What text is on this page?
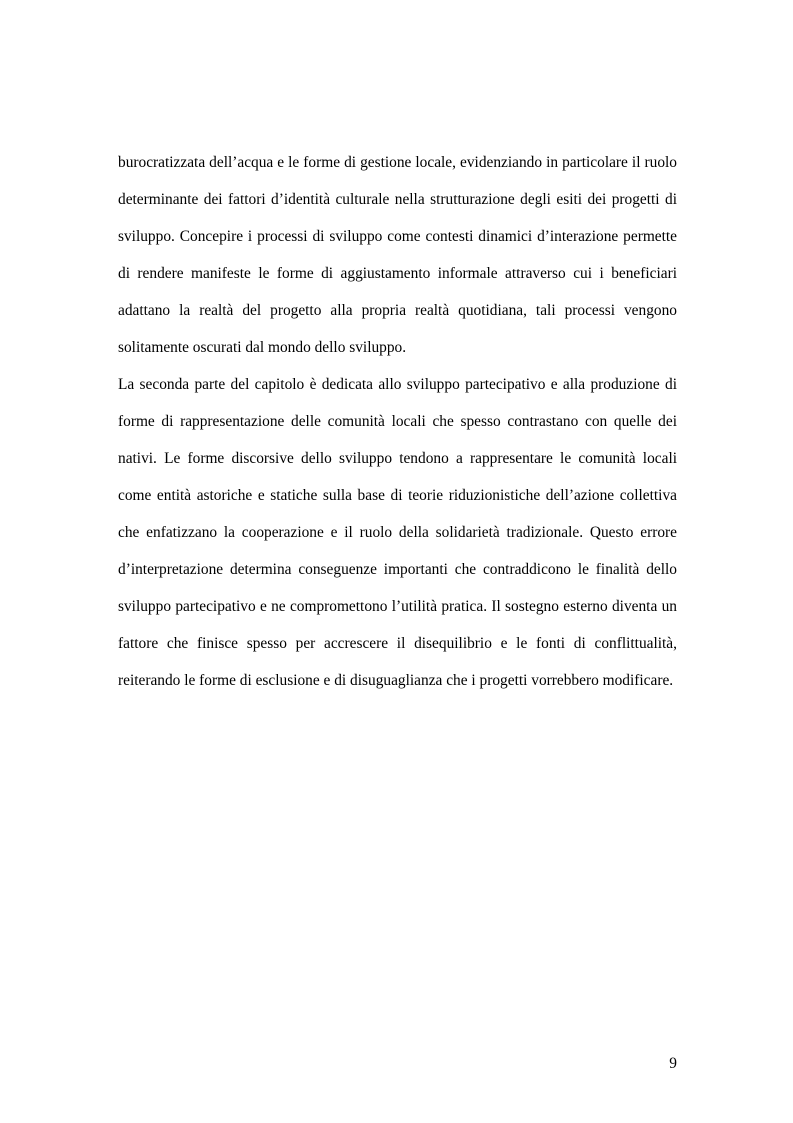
burocratizzata dell’acqua e le forme di gestione locale, evidenziando in particolare il ruolo determinante dei fattori d’identità culturale nella strutturazione degli esiti dei progetti di sviluppo. Concepire i processi di sviluppo come contesti dinamici d’interazione permette di rendere manifeste le forme di aggiustamento informale attraverso cui i beneficiari adattano la realtà del progetto alla propria realtà quotidiana, tali processi vengono solitamente oscurati dal mondo dello sviluppo.

La seconda parte del capitolo è dedicata allo sviluppo partecipativo e alla produzione di forme di rappresentazione delle comunità locali che spesso contrastano con quelle dei nativi. Le forme discorsive dello sviluppo tendono a rappresentare le comunità locali come entità astoriche e statiche sulla base di teorie riduzionistiche dell’azione collettiva che enfatizzano la cooperazione e il ruolo della solidarietà tradizionale. Questo errore d’interpretazione determina conseguenze importanti che contraddicono le finalità dello sviluppo partecipativo e ne compromettono l’utilità pratica. Il sostegno esterno diventa un fattore che finisce spesso per accrescere il disequilibrio e le fonti di conflittualità, reiterando le forme di esclusione e di disuguaglianza che i progetti vorrebbero modificare.

9
